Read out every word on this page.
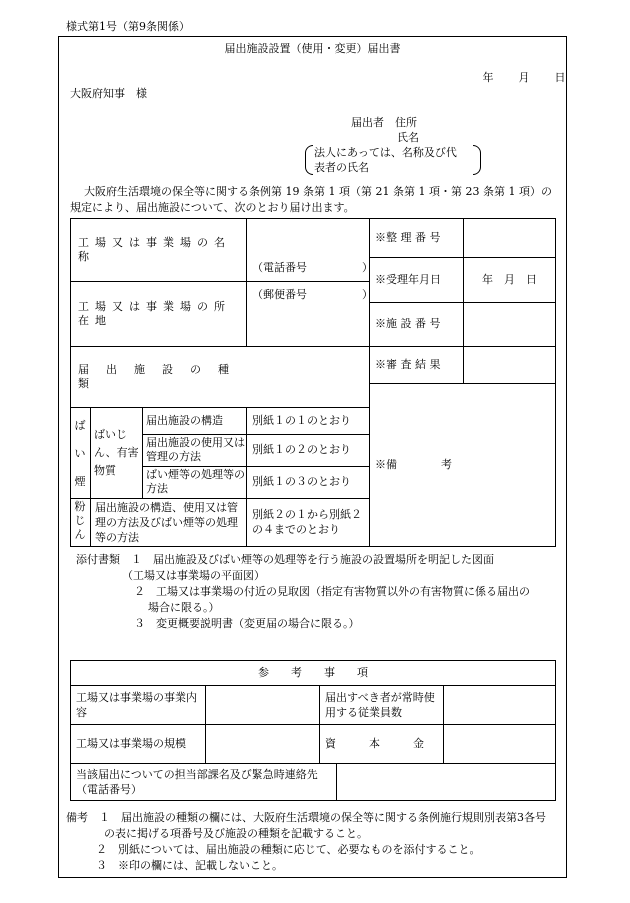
様式第1号（第9条関係）
届出施設設置（使用・変更）届出書
年 月 日
大阪府知事　様
届出者　住所
氏名
法人にあっては、名称及び代
表者の氏名
大阪府生活環境の保全等に関する条例第 19 条第 1 項（第 21 条第 1 項・第 23 条第 1 項）の規定により、届出施設について、次のとおり届け出ます。
工場又は事業場の名称
（電話番号　　　　　）
（郵便番号　　　　　）
工場又は事業場の所在地
届　出　施　設　の　種　類
ば
い
煙
ばいじん、有害物質
届出施設の構造
届出施設の使用又は管理の方法
ばい煙等の処理等の方法
別紙１の１のとおり
別紙１の２のとおり
別紙１の３のとおり
粉
じ
ん
届出施設の構造、使用又は管理の方法及びばい煙等の処理等の方法
別紙２の１から別紙２の４までのとおり
※整 理 番 号
※受理年月日	年　月　日
※施 設 番 号
※審 査 結 果
※備　　　　考
添付書類　 １　届出施設及びばい煙等の処理等を行う施設の設置場所を明記した図面
（工場又は事業場の平面図）
２　工場又は事業場の付近の見取図（指定有害物質以外の有害物質に係る届出の
場合に限る。）
３　変更概要説明書（変更届の場合に限る。）
参　　考　　事　　項
工場又は事業場の事業内容
届出すべき者が常時使用する従業員数
工場又は事業場の規模	資　　　本　　　金
当該届出についての担当部課名及び緊急時連絡先（電話番号）
備考　 １　届出施設の種類の欄には、大阪府生活環境の保全等に関する条例施行規則別表第3各号
の表に掲げる項番号及び施設の種類を記載すること。
２　別紙については、届出施設の種類に応じて、必要なものを添付すること。
３　※印の欄には、記載しないこと。
